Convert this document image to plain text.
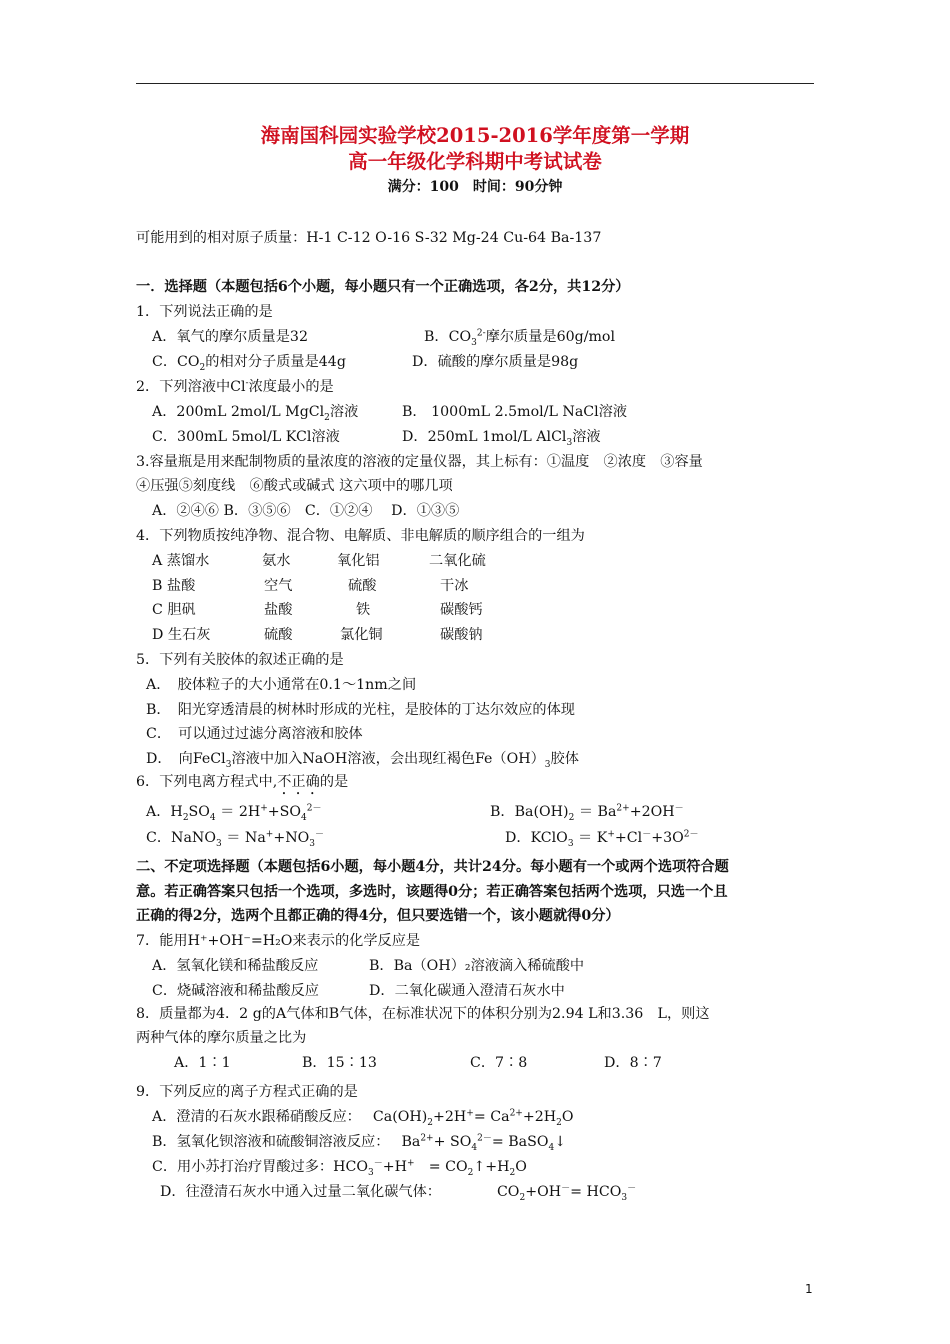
海南国科园实验学校2015-2016学年度第一学期
高一年级化学科期中考试试卷
满分：100　时间：90分钟
可能用到的相对原子质量：H-1 C-12 O-16 S-32 Mg-24 Cu-64 Ba-137
一．选择题（本题包括6个小题，每小题只有一个正确选项，各2分，共12分）
1．下列说法正确的是
A．氧气的摩尔质量是32	B．$CO_3^{2-}$摩尔质量是60g/mol
C．$CO_2$的相对分子质量是44g	D．硫酸的摩尔质量是98g
2．下列溶液中Cl-浓度最小的是
A．200mL 2mol/L MgCl$_2$溶液	B． 1000mL 2.5mol/L NaCl溶液
C．300mL 5mol/L KCl溶液	D．250mL 1mol/L AlCl$_3$溶液
3.容量瓶是用来配制物质的量浓度的溶液的定量仪器，其上标有：①温度　②浓度　③容量
④压强⑤刻度线　⑥酸式或碱式 这六项中的哪几项
A．②④⑥ B．③⑤⑥　C．①②④　 D．①③⑤
4．下列物质按纯净物、混合物、电解质、非电解质的顺序组合的一组为
A 蒸馏水	氨水	氧化铝	二氧化硫
B 盐酸	空气	硫酸	干冰
C 胆矾	盐酸	铁	碳酸钙
D 生石灰	硫酸	氯化铜	碳酸钠
5．下列有关胶体的叙述正确的是
A．　胶体粒子的大小通常在0.1～1nm之间
B．　阳光穿透清晨的树林时形成的光柱，是胶体的丁达尔效应的体现
C．　可以通过过滤分离溶液和胶体
D．　向FeCl$_3$溶液中加入NaOH溶液，会出现红褐色$Fe(OH)_3$胶体
6．下列电离方程式中,不正确的是
A．$H_2SO_4 = 2H^++SO_4^{2-}$	B．$Ba(OH)_2 = Ba^{2+}+2OH^-$
C．NaNO$_3$ ＝ $Na^++NO_3^-$	D．KClO$_3$ ＝ $K^++Cl^-+3O^{2-}$
二、不定项选择题（本题包括6小题，每小题4分，共计24分。每小题有一个或两个选项符合题
意。若正确答案只包括一个选项，多选时，该题得0分；若正确答案包括两个选项，只选一个且
正确的得2分，选两个且都正确的得4分，但只要选错一个，该小题就得0分）
7．能用H⁺+OH⁻=H₂O来表示的化学反应是
A．氢氧化镁和稀盐酸反应	B．Ba（OH）₂溶液滴入稀硫酸中
C．烧碱溶液和稀盐酸反应	D．二氧化碳通入澄清石灰水中
8．质量都为4．2 g的A气体和B气体，在标准状况下的体积分别为2.94 L和3.36　L，则这
两种气体的摩尔质量之比为
A．1∶1	B．15∶13	C．7∶8	D．8∶7
9．下列反应的离子方程式正确的是
A．澄清的石灰水跟稀硝酸反应： $Ca(OH)_2+2H^+= Ca^{2+}+2H_2O$
B．氢氧化钡溶液和硫酸铜溶液反应： $Ba^{2+}+ SO_4^{2-}=$ BaSO$_4$↓
C．用小苏打治疗胃酸过多：$HCO_3^-+H^+$　= $CO_2↑+H_2O$
D．往澄清石灰水中通入过量二氧化碳气体：	$CO_2+OH^-= HCO_3^-$
1
